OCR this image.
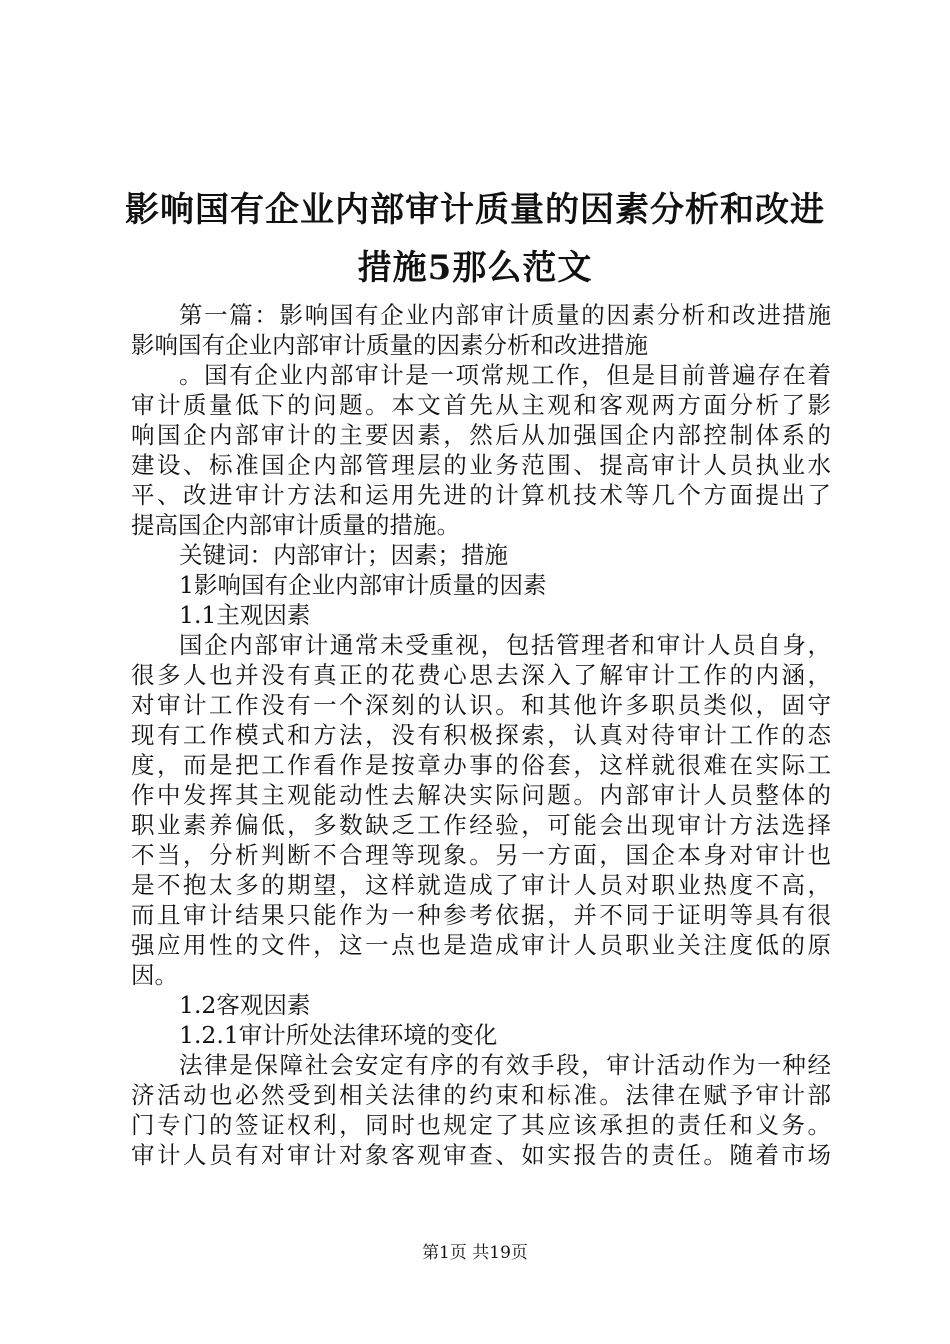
影响国有企业内部审计质量的因素分析和改进
措施5那么范文
第一篇：影响国有企业内部审计质量的因素分析和改进措施
影响国有企业内部审计质量的因素分析和改进措施
。国有企业内部审计是一项常规工作，但是目前普遍存在着
审计质量低下的问题。本文首先从主观和客观两方面分析了影
响国企内部审计的主要因素，然后从加强国企内部控制体系的
建设、标准国企内部管理层的业务范围、提高审计人员执业水
平、改进审计方法和运用先进的计算机技术等几个方面提出了
提高国企内部审计质量的措施。
关键词：内部审计；因素；措施
1影响国有企业内部审计质量的因素
1.1主观因素
国企内部审计通常未受重视，包括管理者和审计人员自身，
很多人也并没有真正的花费心思去深入了解审计工作的内涵，
对审计工作没有一个深刻的认识。和其他许多职员类似，固守
现有工作模式和方法，没有积极探索，认真对待审计工作的态
度，而是把工作看作是按章办事的俗套，这样就很难在实际工
作中发挥其主观能动性去解决实际问题。内部审计人员整体的
职业素养偏低，多数缺乏工作经验，可能会出现审计方法选择
不当，分析判断不合理等现象。另一方面，国企本身对审计也
是不抱太多的期望，这样就造成了审计人员对职业热度不高，
而且审计结果只能作为一种参考依据，并不同于证明等具有很
强应用性的文件，这一点也是造成审计人员职业关注度低的原
因。
1.2客观因素
1.2.1审计所处法律环境的变化
法律是保障社会安定有序的有效手段，审计活动作为一种经
济活动也必然受到相关法律的约束和标准。法律在赋予审计部
门专门的签证权利，同时也规定了其应该承担的责任和义务。
审计人员有对审计对象客观审查、如实报告的责任。随着市场
第1页 共19页
